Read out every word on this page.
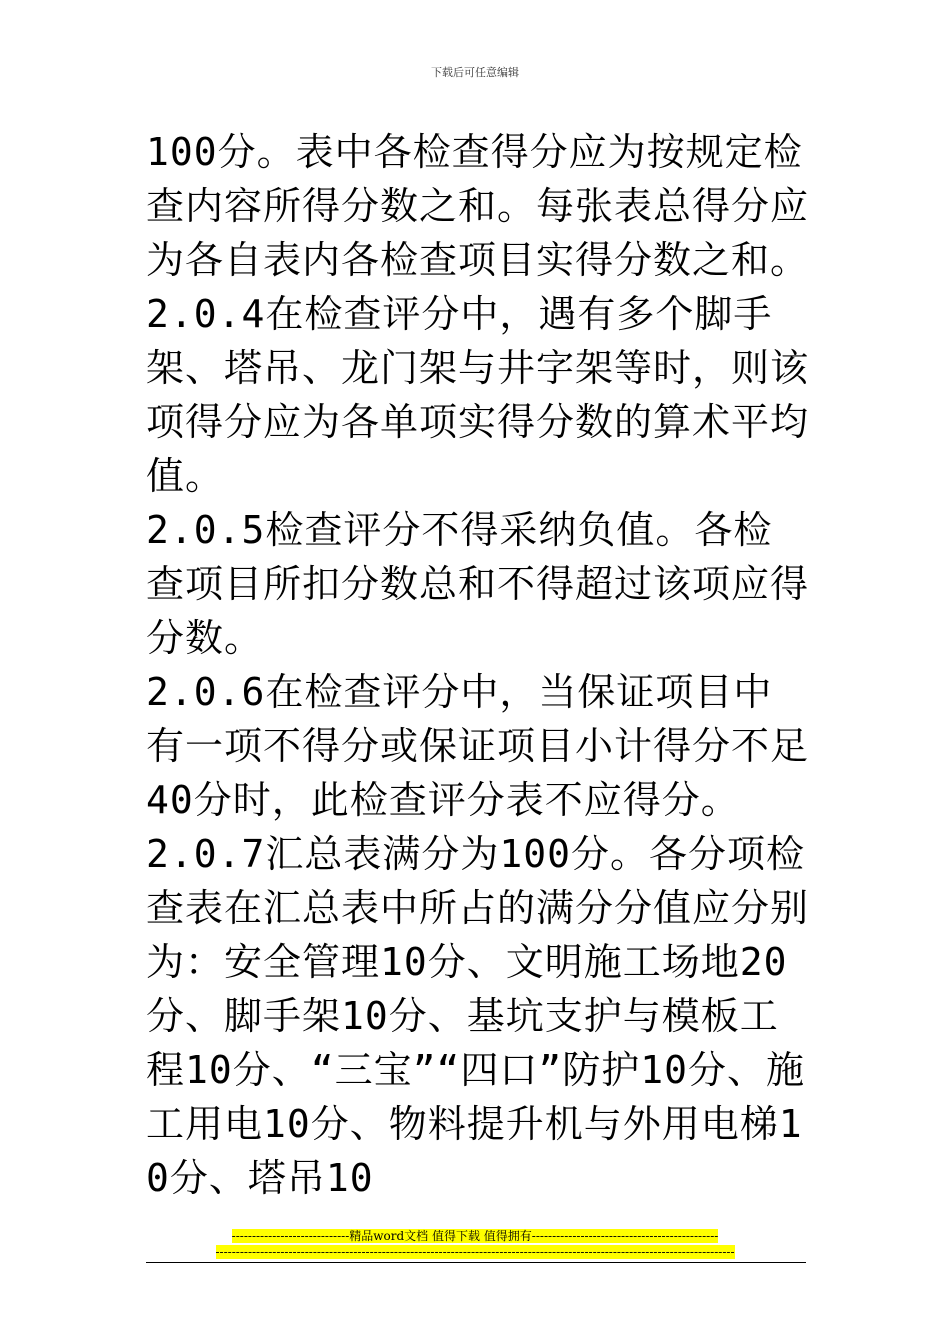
下载后可任意编辑

100分。表中各检查得分应为按规定检查内容所得分数之和。每张表总得分应为各自表内各检查项目实得分数之和。

2.0.4在检查评分中，遇有多个脚手架、塔吊、龙门架与井字架等时，则该项得分应为各单项实得分数的算术平均值。

2.0.5检查评分不得采纳负值。各检查项目所扣分数总和不得超过该项应得分数。

2.0.6在检查评分中，当保证项目中有一项不得分或保证项目小计得分不足40分时，此检查评分表不应得分。

2.0.7汇总表满分为100分。各分项检查表在汇总表中所占的满分分值应分别为：安全管理10分、文明施工场地20分、脚手架10分、基坑支护与模板工程10分、“三宝”“四口”防护10分、施工用电10分、物料提升机与外用电梯10分、塔吊10

-----------------------------精品word文档 值得下载 值得拥有----------------------------------------------
--------------------------------------------------------------------------------------------------------------------------------
